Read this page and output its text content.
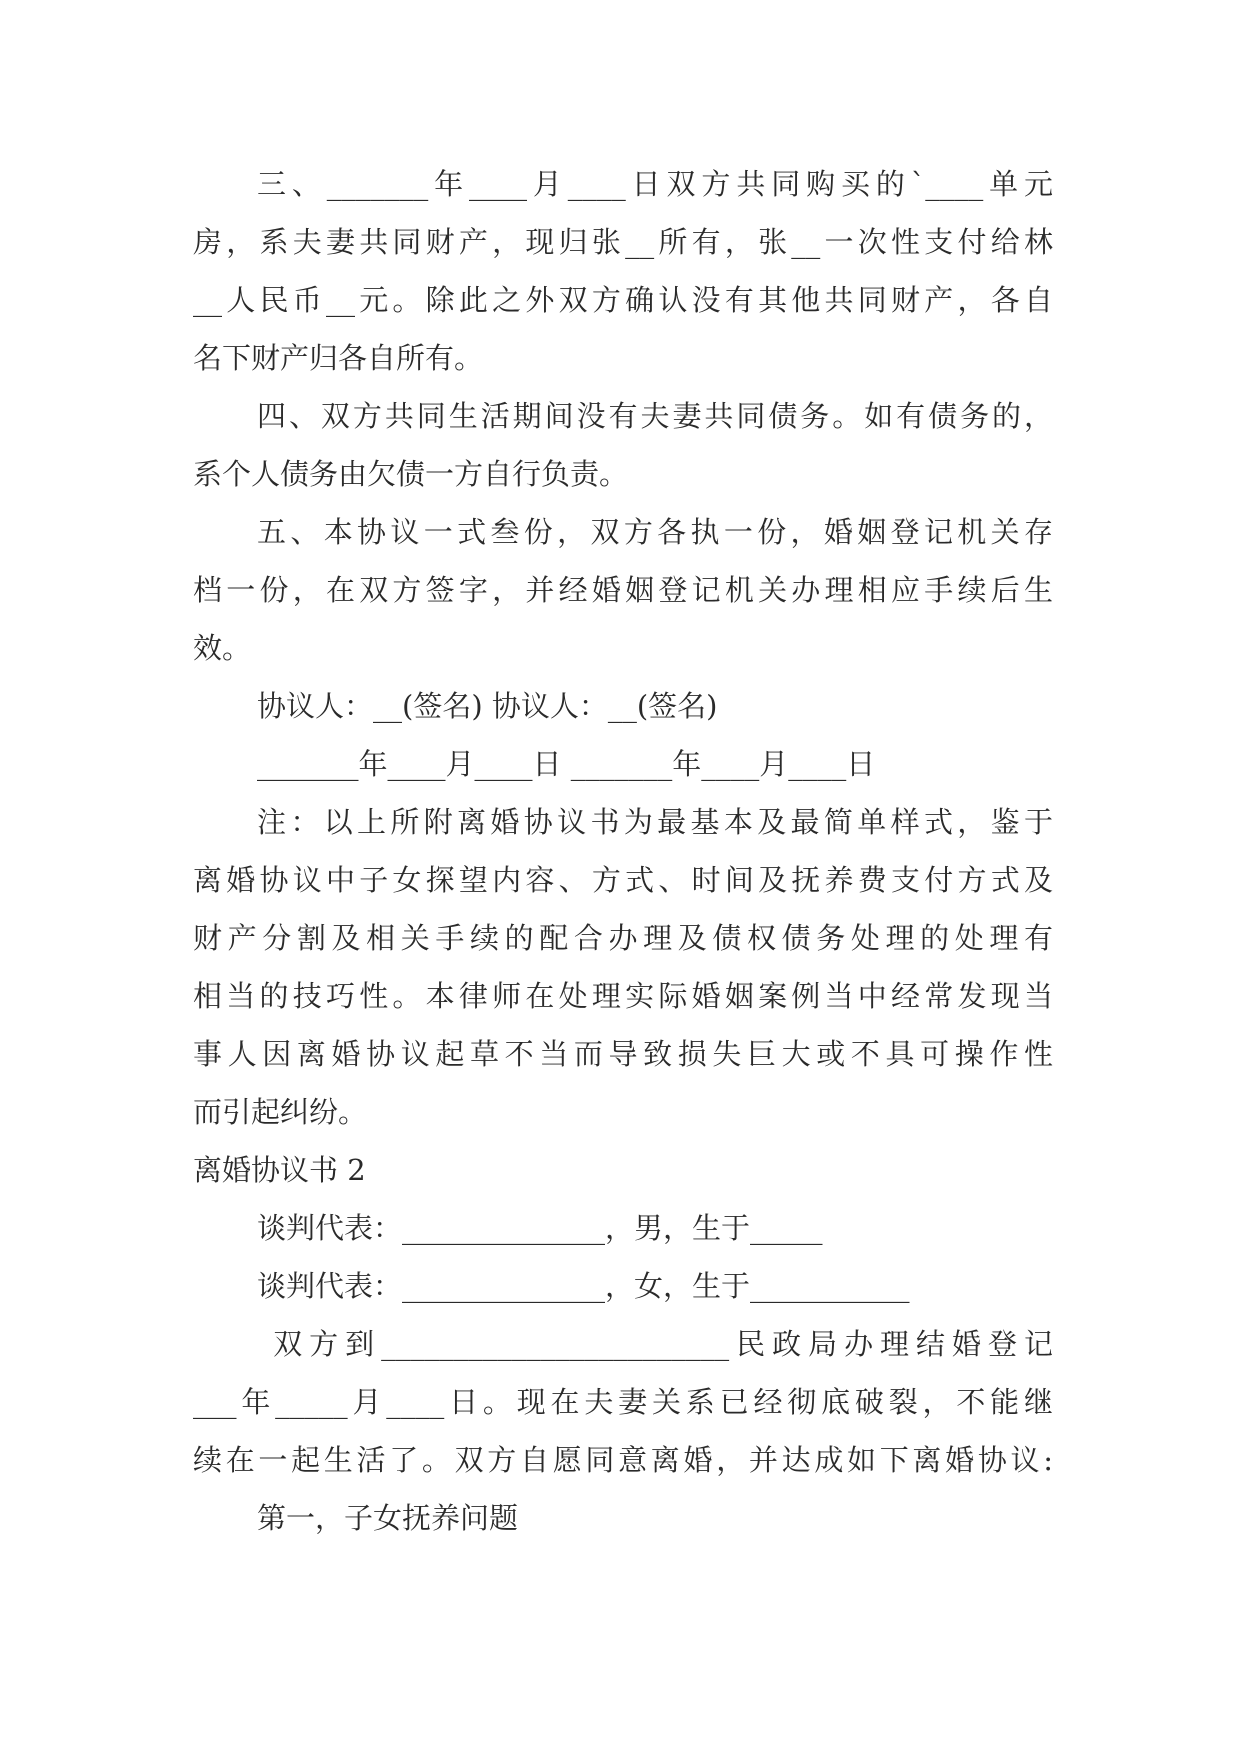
三、_______年____月____日双方共同购买的`____单元
房，系夫妻共同财产，现归张__所有，张__一次性支付给林
__人民币__元。除此之外双方确认没有其他共同财产，各自
名下财产归各自所有。
四、双方共同生活期间没有夫妻共同债务。如有债务的，
系个人债务由欠债一方自行负责。
五、本协议一式叁份，双方各执一份，婚姻登记机关存
档一份，在双方签字，并经婚姻登记机关办理相应手续后生
效。
协议人：__(签名) 协议人：__(签名)
_______年____月____日 _______年____月____日
注：以上所附离婚协议书为最基本及最简单样式，鉴于
离婚协议中子女探望内容、方式、时间及抚养费支付方式及
财产分割及相关手续的配合办理及债权债务处理的处理有
相当的技巧性。本律师在处理实际婚姻案例当中经常发现当
事人因离婚协议起草不当而导致损失巨大或不具可操作性
而引起纠纷。
离婚协议书 2
谈判代表：______________，男，生于_____
谈判代表：______________，女，生于___________
双方到________________________民政局办理结婚登记
___年_____月____日。现在夫妻关系已经彻底破裂，不能继
续在一起生活了。双方自愿同意离婚，并达成如下离婚协议:
第一，子女抚养问题
